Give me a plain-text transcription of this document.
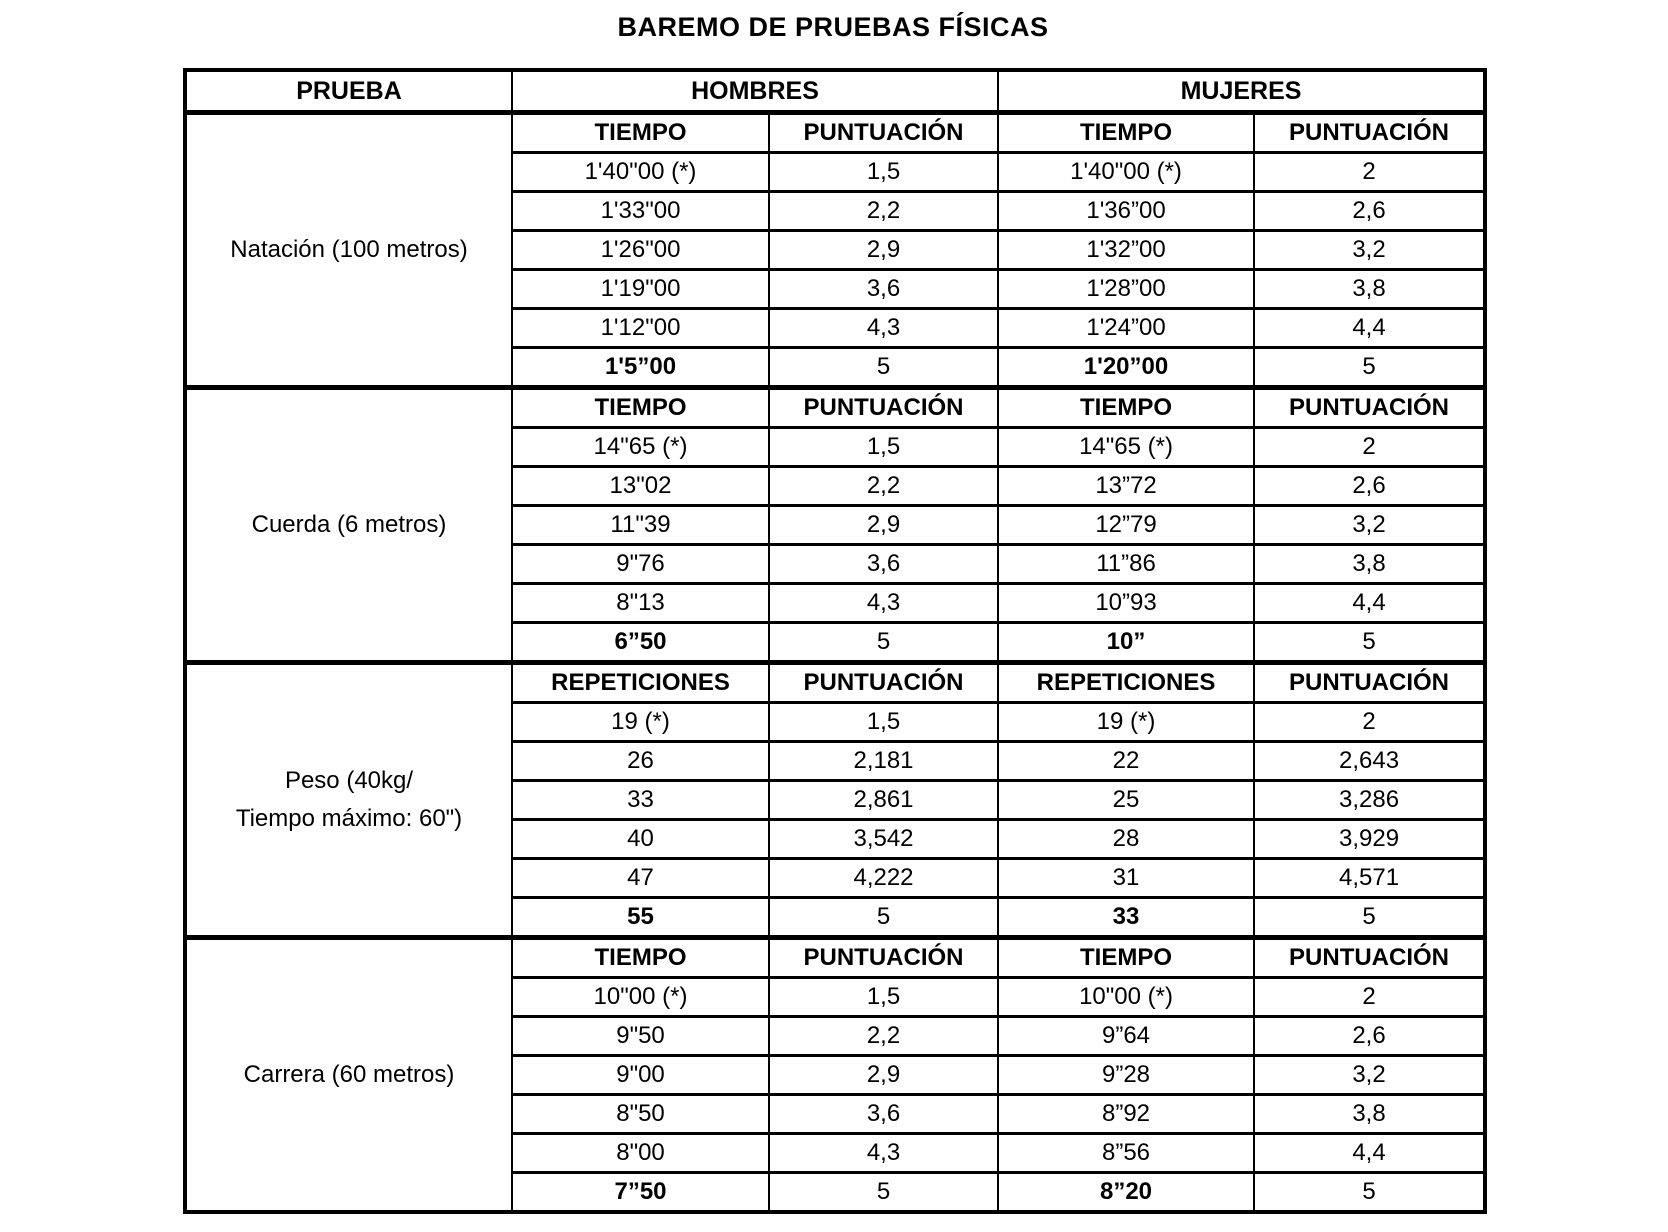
BAREMO DE PRUEBAS FÍSICAS
PRUEBA	HOMBRES		MUJERES	

Natación (100 metros)	TIEMPO	PUNTUACIÓN	TIEMPO	PUNTUACIÓN
	1'40"00 (*)	1,5	1'40"00 (*)	2
	1'33"00	2,2	1'36”00	2,6
	1'26"00	2,9	1'32”00	3,2
	1'19"00	3,6	1'28”00	3,8
	1'12"00	4,3	1'24”00	4,4
	1'5”00	5	1'20”00	5

Cuerda (6 metros)	TIEMPO	PUNTUACIÓN	TIEMPO	PUNTUACIÓN
	14"65 (*)	1,5	14"65 (*)	2
	13"02	2,2	13”72	2,6
	11"39	2,9	12”79	3,2
	9"76	3,6	11”86	3,8
	8"13	4,3	10”93	4,4
	6”50	5	10”	5

Peso (40kg/
Tiempo máximo: 60")	REPETICIONES	PUNTUACIÓN	REPETICIONES	PUNTUACIÓN
	19 (*)	1,5	19 (*)	2
	26	2,181	22	2,643
	33	2,861	25	3,286
	40	3,542	28	3,929
	47	4,222	31	4,571
	55	5	33	5

Carrera (60 metros)	TIEMPO	PUNTUACIÓN	TIEMPO	PUNTUACIÓN
	10"00 (*)	1,5	10"00 (*)	2
	9"50	2,2	9”64	2,6
	9"00	2,9	9”28	3,2
	8"50	3,6	8”92	3,8
	8"00	4,3	8”56	4,4
	7”50	5	8”20	5
